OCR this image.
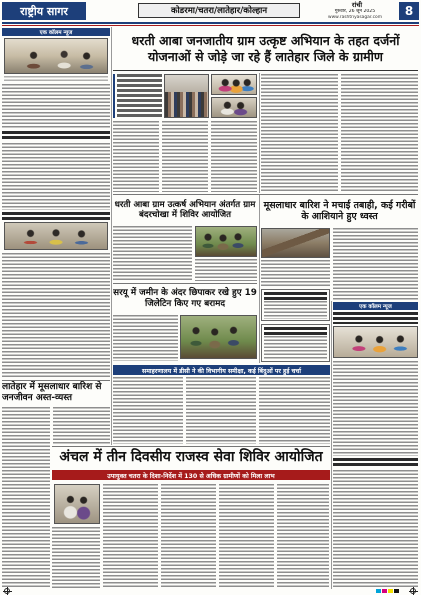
राष्ट्रीय सागर	कोडरमा/चतरा/लातेहार/कोल्हान
रांची
गुरुवार, 26 जून 2025
www.rashtriyasagar.com	8
एक कॉलम न्यूज
लातेहार में मूसलाधार बारिश से जनजीवन अस्त-व्यस्त
धरती आबा जनजातीय ग्राम उत्कृष्ट अभियान के तहत दर्जनों योजनाओं से जोड़े जा रहे हैं लातेहार जिले के ग्रामीण
धरती आबा ग्राम उत्कर्ष अभियान अंतर्गत ग्राम बंदरचोखा में शिविर आयोजित
मूसलाधार बारिश ने मचाई तबाही, कई गरीबों के आशियाने हुए ध्वस्त
सरयू में जमीन के अंदर छिपाकर रखे हुए 19 जिलेटिन किए गए बरामद	एक कॉलम न्यूज
समाहरणालय में डीसी ने की विभागीय समीक्षा, कई बिंदुओं पर हुई चर्चा
अंचल में तीन दिवसीय राजस्व सेवा शिविर आयोजित
उपायुक्त चतरा के दिशा-निर्देश में 130 से अधिक ग्रामीणों को मिला लाभ
